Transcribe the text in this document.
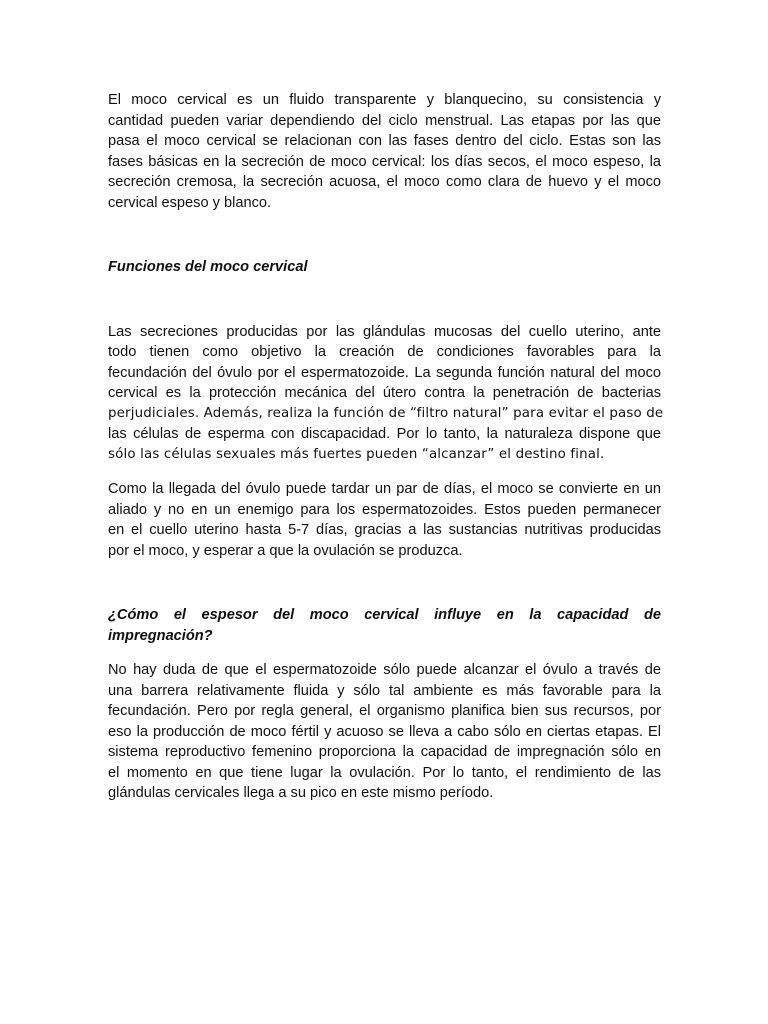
El moco cervical es un fluido transparente y blanquecino, su consistencia y
cantidad pueden variar dependiendo del ciclo menstrual. Las etapas por las que
pasa el moco cervical se relacionan con las fases dentro del ciclo. Estas son las
fases básicas en la secreción de moco cervical: los días secos, el moco espeso, la
secreción cremosa, la secreción acuosa, el moco como clara de huevo y el moco
cervical espeso y blanco.
Funciones del moco cervical
Las secreciones producidas por las glándulas mucosas del cuello uterino, ante
todo tienen como objetivo la creación de condiciones favorables para la
fecundación del óvulo por el espermatozoide. La segunda función natural del moco
cervical es la protección mecánica del útero contra la penetración de bacterias
perjudiciales. Además, realiza la función de “filtro natural” para evitar el paso de
las células de esperma con discapacidad. Por lo tanto, la naturaleza dispone que
sólo las células sexuales más fuertes pueden “alcanzar” el destino final.
Como la llegada del óvulo puede tardar un par de días, el moco se convierte en un
aliado y no en un enemigo para los espermatozoides. Estos pueden permanecer
en el cuello uterino hasta 5-7 días, gracias a las sustancias nutritivas producidas
por el moco, y esperar a que la ovulación se produzca.
¿Cómo el espesor del moco cervical influye en la capacidad de
impregnación?
No hay duda de que el espermatozoide sólo puede alcanzar el óvulo a través de
una barrera relativamente fluida y sólo tal ambiente es más favorable para la
fecundación. Pero por regla general, el organismo planifica bien sus recursos, por
eso la producción de moco fértil y acuoso se lleva a cabo sólo en ciertas etapas. El
sistema reproductivo femenino proporciona la capacidad de impregnación sólo en
el momento en que tiene lugar la ovulación. Por lo tanto, el rendimiento de las
glándulas cervicales llega a su pico en este mismo período.
